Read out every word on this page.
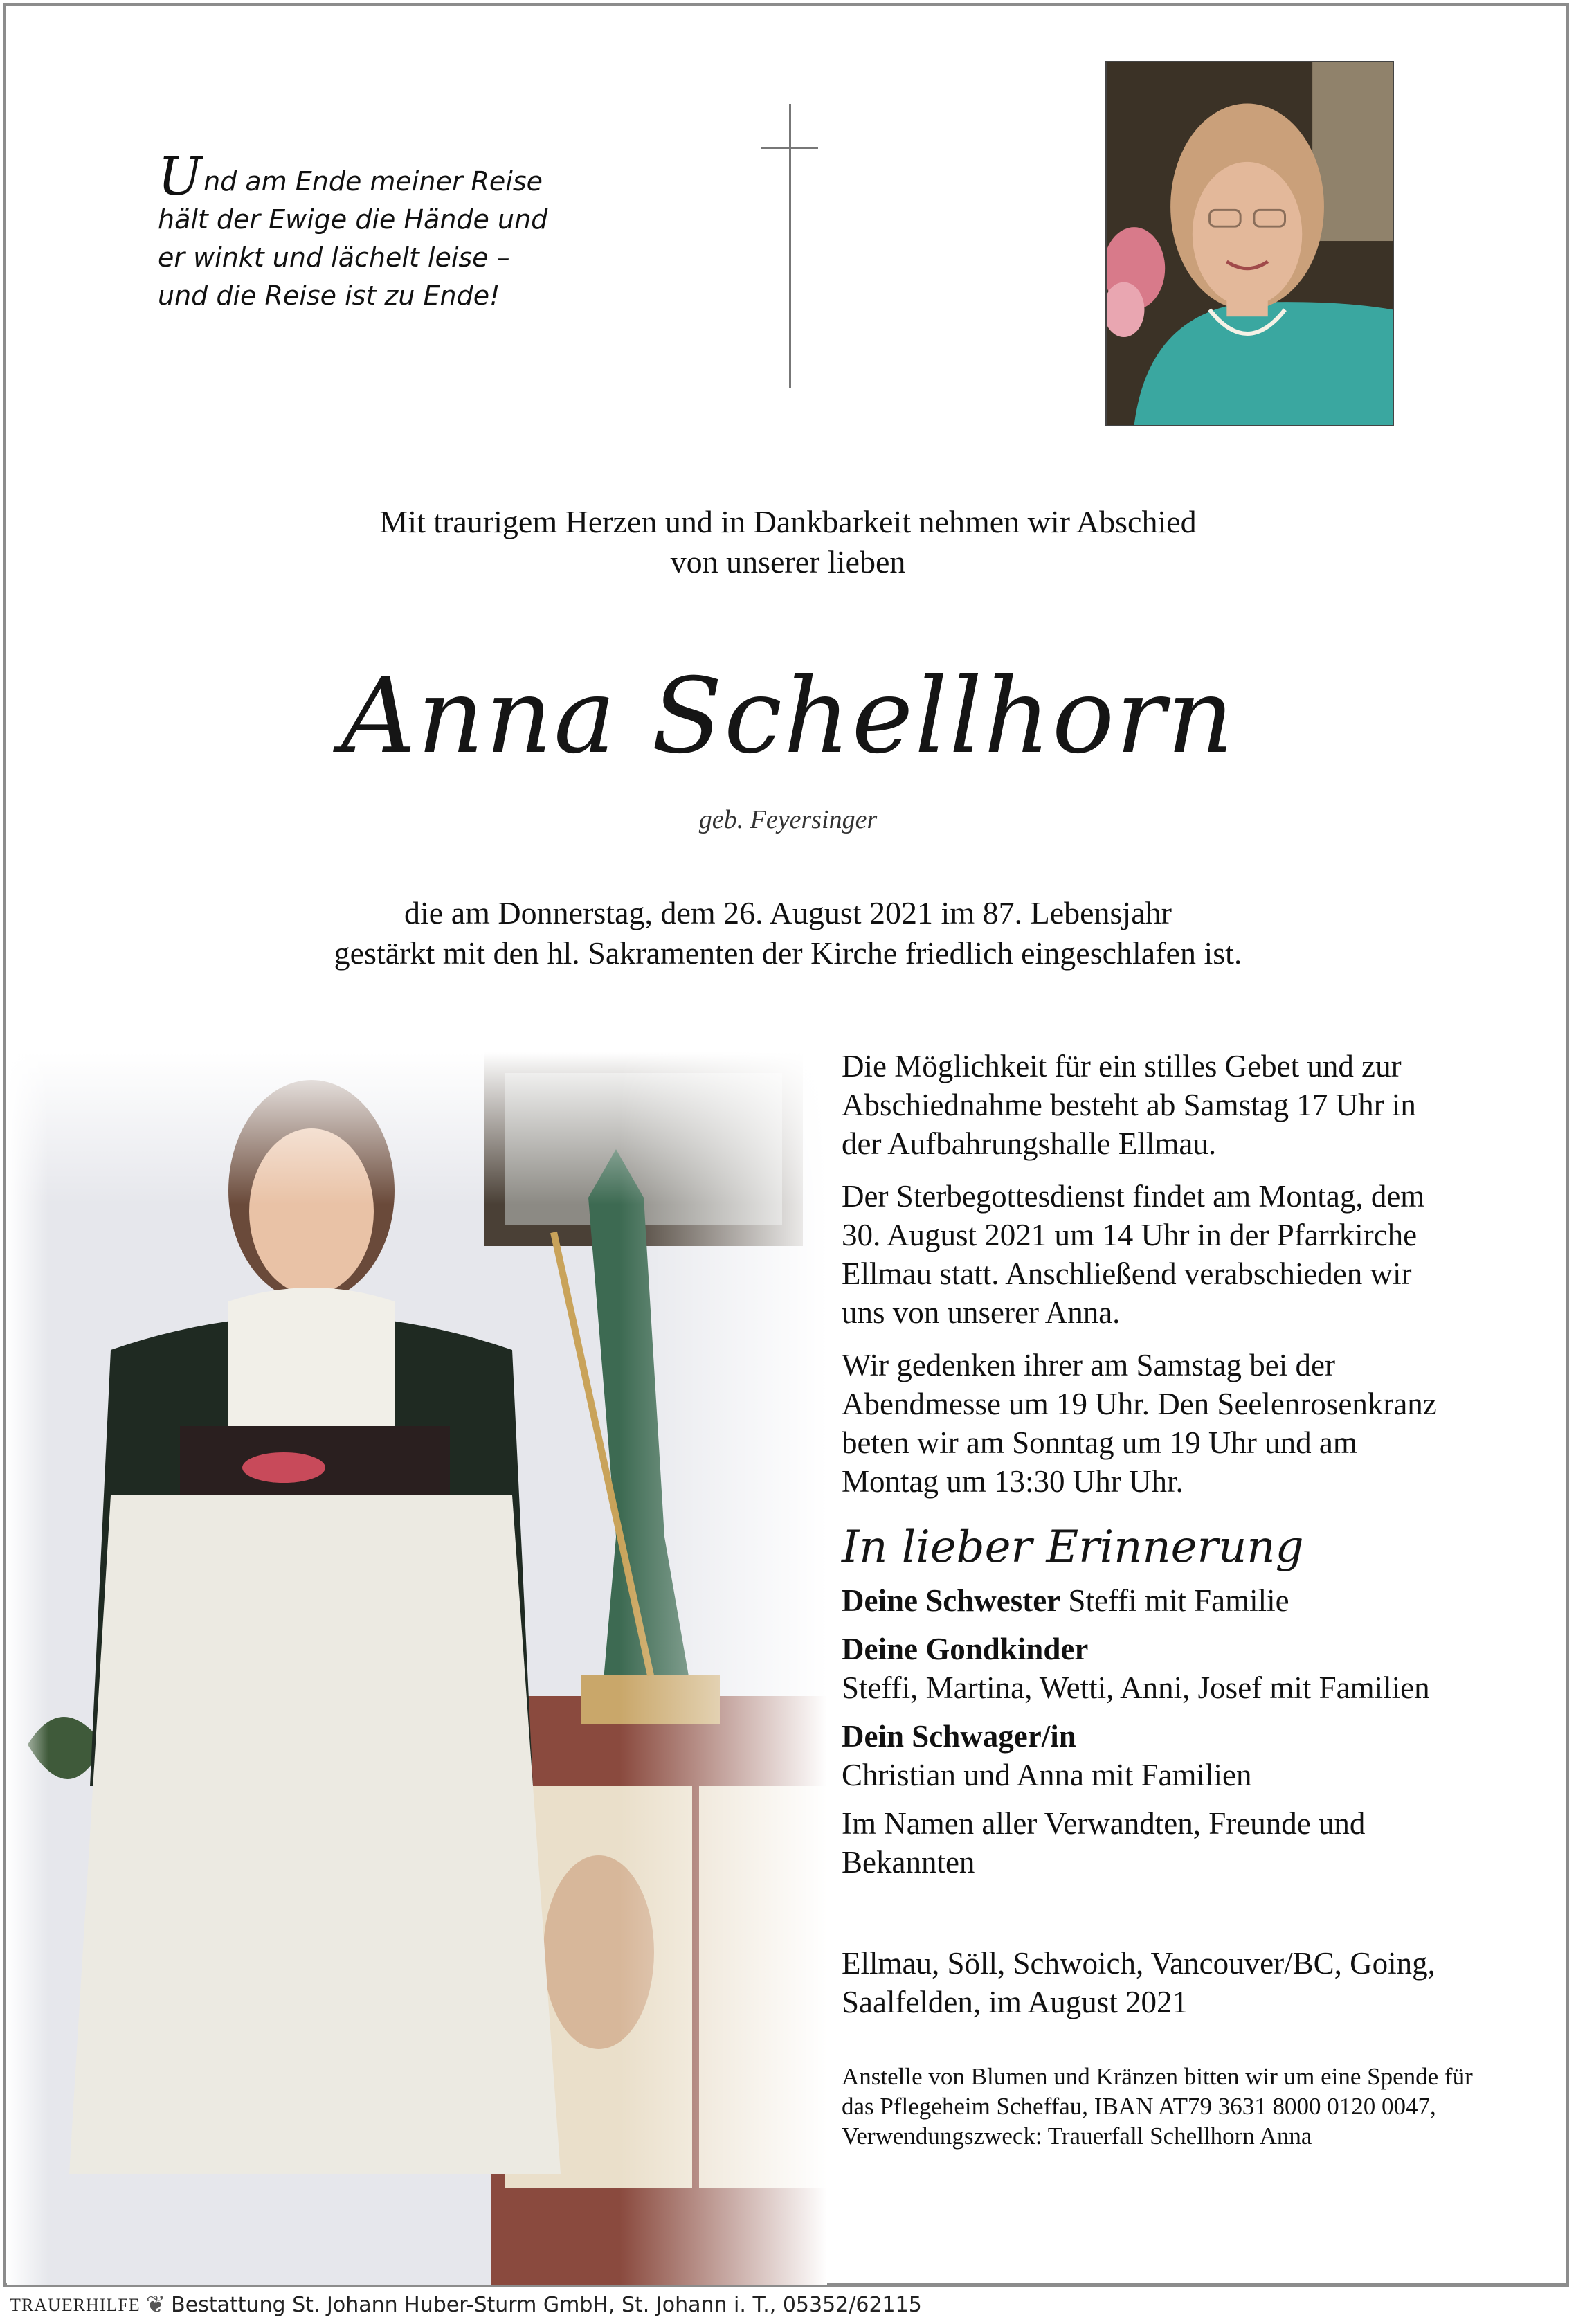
Und am Ende meiner Reise
hält der Ewige die Hände und
er winkt und lächelt leise –
und die Reise ist zu Ende!
Mit traurigem Herzen und in Dankbarkeit nehmen wir Abschied
von unserer lieben
Anna Schellhorn
geb. Feyersinger
die am Donnerstag, dem 26. August 2021 im 87. Lebensjahr
gestärkt mit den hl. Sakramenten der Kirche friedlich eingeschlafen ist.
Die Möglichkeit für ein stilles Gebet und zur
Abschiednahme besteht ab Samstag 17 Uhr in
der Aufbahrungshalle Ellmau.
Der Sterbegottesdienst findet am Montag, dem
30. August 2021 um 14 Uhr in der Pfarrkirche
Ellmau statt. Anschließend verabschieden wir
uns von unserer Anna.
Wir gedenken ihrer am Samstag bei der
Abendmesse um 19 Uhr. Den Seelenrosenkranz
beten wir am Sonntag um 19 Uhr und am
Montag um 13:30 Uhr Uhr.
In lieber Erinnerung
Deine Schwester Steffi mit Familie
Deine Gondkinder
Steffi, Martina, Wetti, Anni, Josef mit Familien
Dein Schwager/in
Christian und Anna mit Familien
Im Namen aller Verwandten, Freunde und
Bekannten
Ellmau, Söll, Schwoich, Vancouver/BC, Going,
Saalfelden, im August 2021
Anstelle von Blumen und Kränzen bitten wir um eine Spende für
das Pflegeheim Scheffau, IBAN AT79 3631 8000 0120 0047,
Verwendungszweck: Trauerfall Schellhorn Anna
TRAUERHILFE ❦ Bestattung St. Johann Huber-Sturm GmbH, St. Johann i. T., 05352/62115
